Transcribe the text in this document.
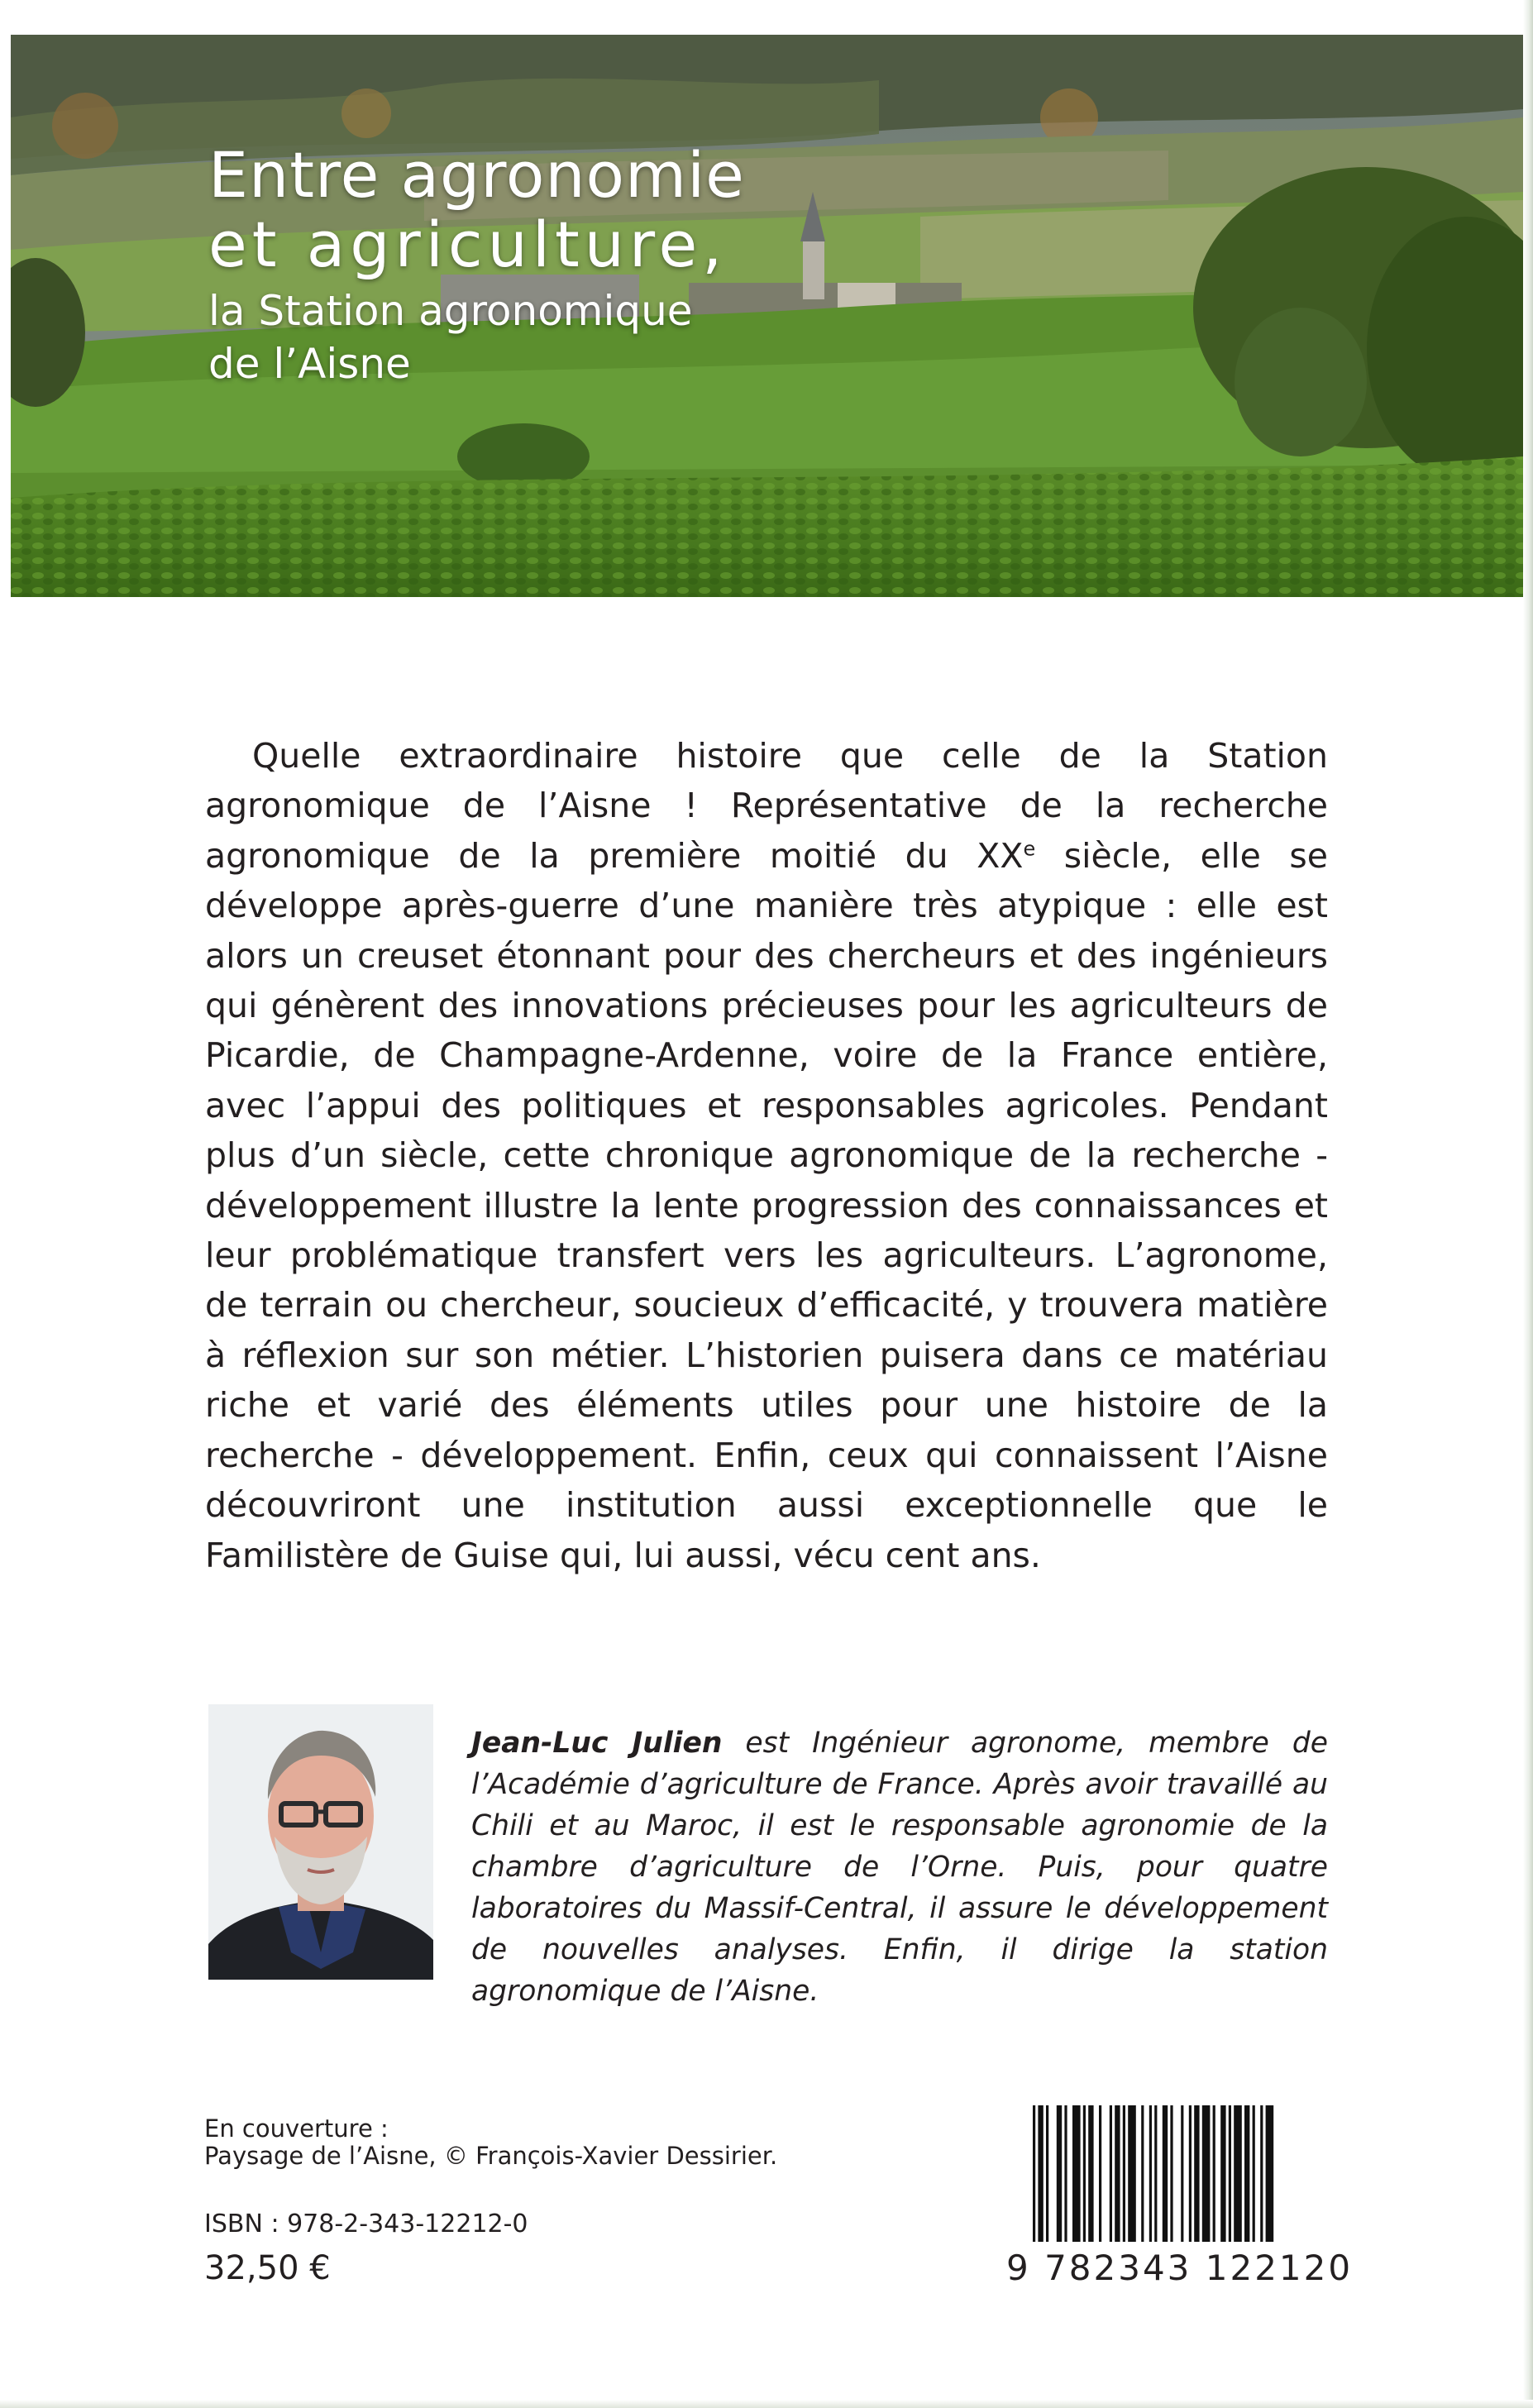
Entre agronomie
et agriculture,
la Station agronomique
de l’Aisne

Quelle extraordinaire histoire que celle de la Station agronomique de l’Aisne ! Représentative de la recherche agronomique de la première moitié du XXe siècle, elle se développe après-guerre d’une manière très atypique : elle est alors un creuset étonnant pour des chercheurs et des ingénieurs qui génèrent des innovations précieuses pour les agriculteurs de Picardie, de Champagne-Ardenne, voire de la France entière, avec l’appui des politiques et responsables agricoles. Pendant plus d’un siècle, cette chronique agronomique de la recherche - développement illustre la lente progression des connaissances et leur problématique transfert vers les agriculteurs. L’agronome, de terrain ou chercheur, soucieux d’efficacité, y trouvera matière à réflexion sur son métier. L’historien puisera dans ce matériau riche et varié des éléments utiles pour une histoire de la recherche - développement. Enfin, ceux qui connaissent l’Aisne découvriront une institution aussi exceptionnelle que le Familistère de Guise qui, lui aussi, vécu cent ans.

Jean-Luc Julien est Ingénieur agronome, membre de l’Académie d’agriculture de France. Après avoir travaillé au Chili et au Maroc, il est le responsable agronomie de la chambre d’agriculture de l’Orne. Puis, pour quatre laboratoires du Massif-Central, il assure le développement de nouvelles analyses. Enfin, il dirige la station agronomique de l’Aisne.

En couverture :
Paysage de l’Aisne, © François-Xavier Dessirier.
ISBN : 978-2-343-12212-0
32,50 €	9 782343 122120
